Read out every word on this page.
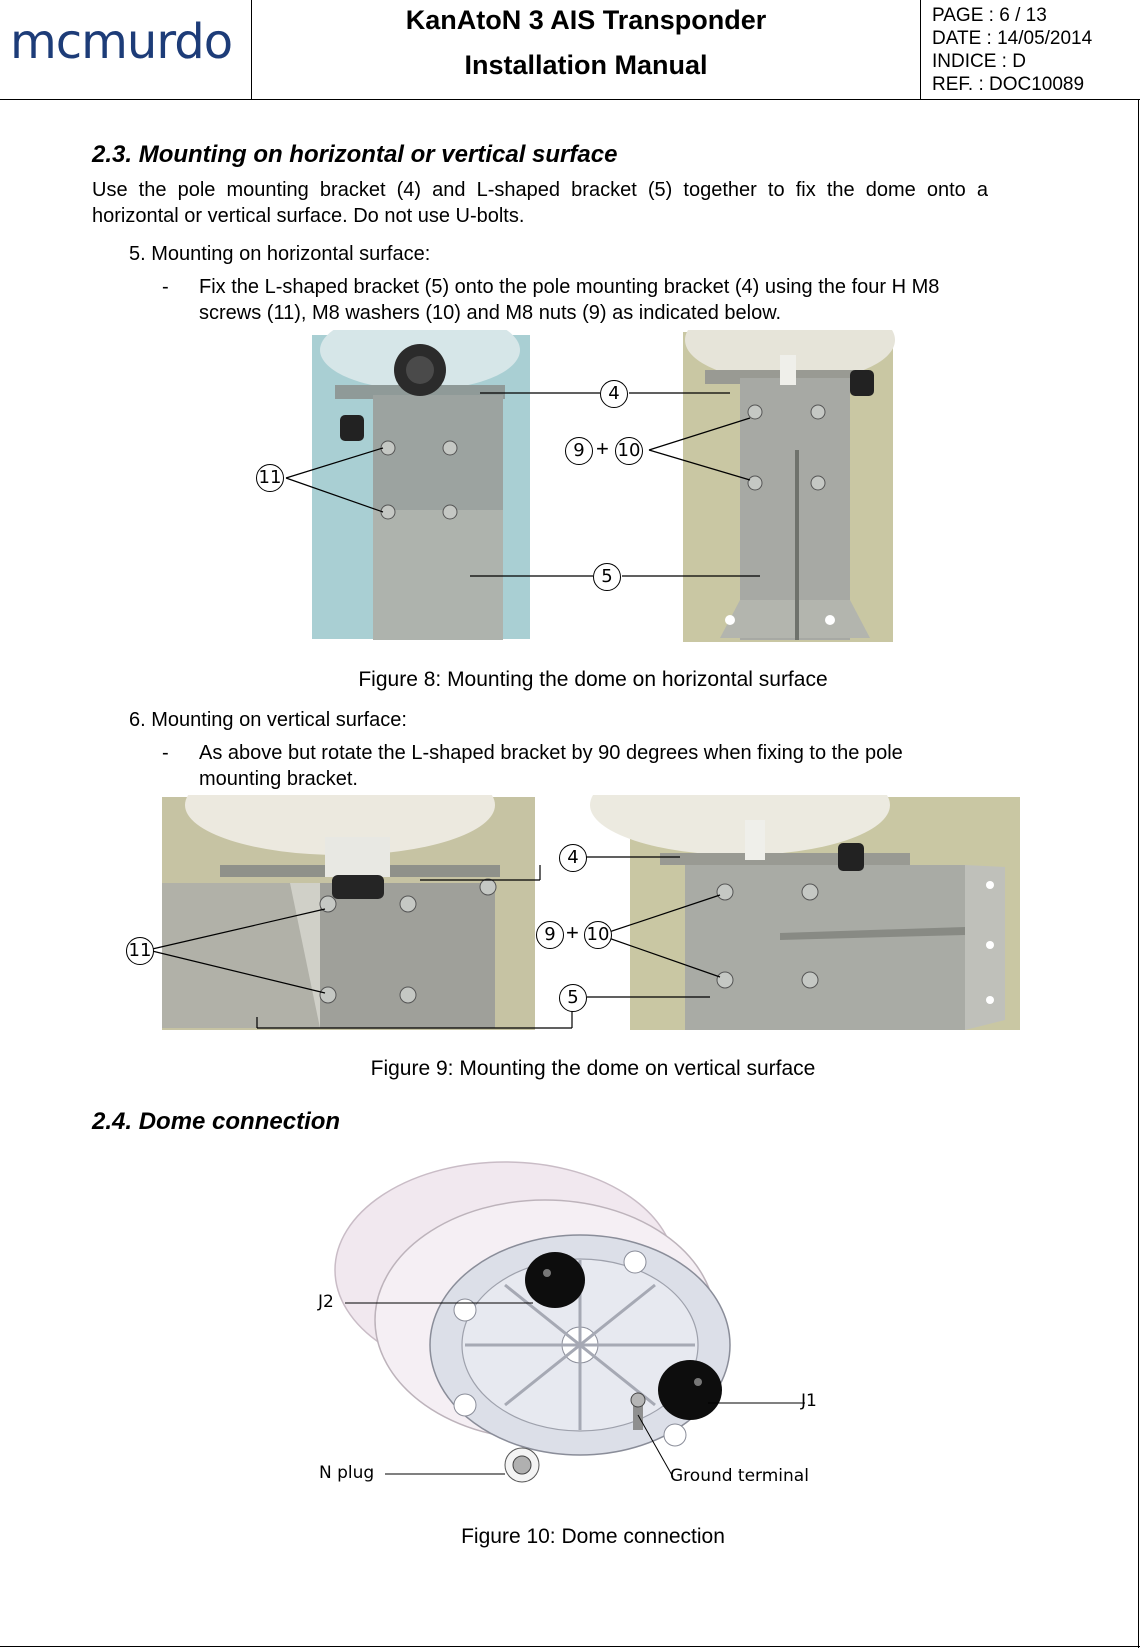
mcmurdo	KanAtoN 3 AIS Transponder
Installation Manual
PAGE : 6 / 13
DATE : 14/05/2014
INDICE : D
REF. : DOC10089
2.3. Mounting on horizontal or vertical surface
Use  the  pole  mounting  bracket  (4)  and  L-shaped  bracket  (5)  together  to  fix  the  dome  onto  a
horizontal or vertical surface. Do not use U-bolts.
5. Mounting on horizontal surface:
- Fix the L-shaped bracket (5) onto the pole mounting bracket (4) using the four H M8
screws (11), M8 washers (10) and M8 nuts (9) as indicated below.
4
9 + 10
11
5
Figure 8: Mounting the dome on horizontal surface
6. Mounting on vertical surface:
- As above but rotate the L-shaped bracket by 90 degrees when fixing to the pole
mounting bracket.
4
9 + 10
11
5
Figure 9: Mounting the dome on vertical surface
2.4. Dome connection
J2
J1
N plug	Ground terminal
Figure 10: Dome connection
